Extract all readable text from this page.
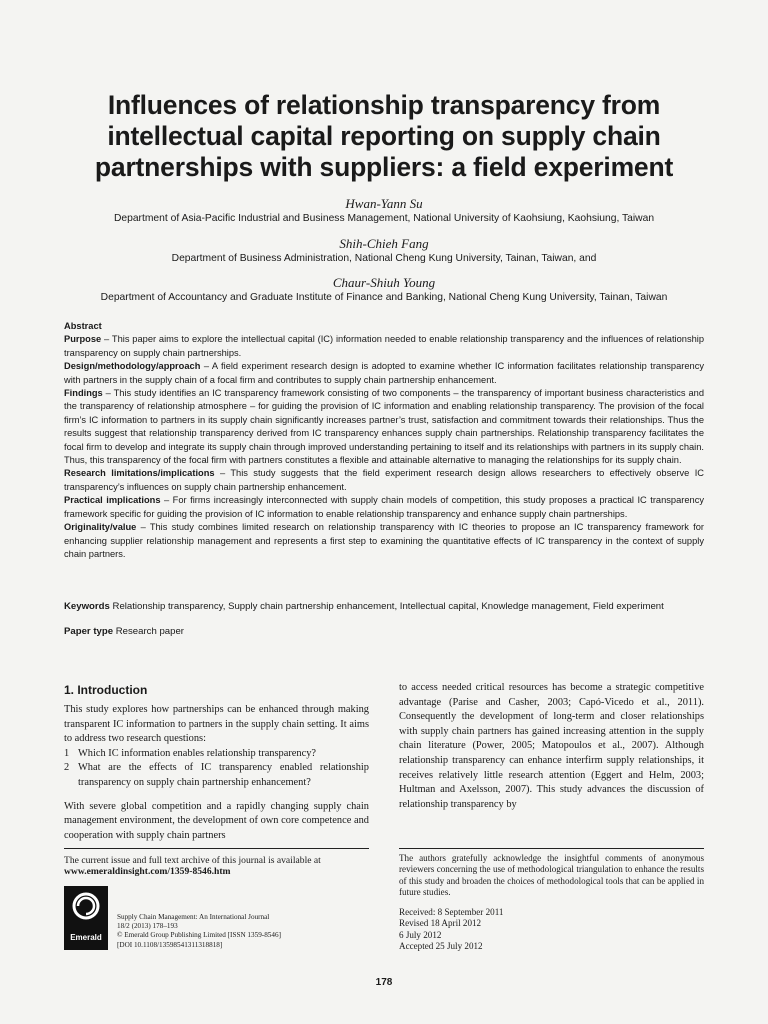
Influences of relationship transparency from intellectual capital reporting on supply chain partnerships with suppliers: a field experiment
Hwan-Yann Su
Department of Asia-Pacific Industrial and Business Management, National University of Kaohsiung, Kaohsiung, Taiwan
Shih-Chieh Fang
Department of Business Administration, National Cheng Kung University, Tainan, Taiwan, and
Chaur-Shiuh Young
Department of Accountancy and Graduate Institute of Finance and Banking, National Cheng Kung University, Tainan, Taiwan

Abstract

Purpose – This paper aims to explore the intellectual capital (IC) information needed to enable relationship transparency and the influences of relationship transparency on supply chain partnerships.

Design/methodology/approach – A field experiment research design is adopted to examine whether IC information facilitates relationship transparency with partners in the supply chain of a focal firm and contributes to supply chain partnership enhancement.

Findings – This study identifies an IC transparency framework consisting of two components – the transparency of important business characteristics and the transparency of relationship atmosphere – for guiding the provision of IC information and enabling relationship transparency. The provision of the focal firm’s IC information to partners in its supply chain significantly increases partner’s trust, satisfaction and commitment towards their relationships. Thus the results suggest that relationship transparency derived from IC transparency enhances supply chain partnerships. Relationship transparency facilitates the focal firm to develop and integrate its supply chain through improved understanding pertaining to itself and its relationships with partners in its supply chain. Thus, this transparency of the focal firm with partners constitutes a flexible and attainable alternative to managing the relationships for its supply chain.

Research limitations/implications – This study suggests that the field experiment research design allows researchers to effectively observe IC transparency’s influences on supply chain partnership enhancement.

Practical implications – For firms increasingly interconnected with supply chain models of competition, this study proposes a practical IC transparency framework specific for guiding the provision of IC information to enable relationship transparency and enhance supply chain partnerships.

Originality/value – This study combines limited research on relationship transparency with IC theories to propose an IC transparency framework for enhancing supplier relationship management and represents a first step to examining the quantitative effects of IC transparency in the context of supply chain partners.

Keywords Relationship transparency, Supply chain partnership enhancement, Intellectual capital, Knowledge management, Field experiment
Paper type Research paper
1. Introduction

This study explores how partnerships can be enhanced through making transparent IC information to partners in the supply chain setting. It aims to address two research questions:

1 Which IC information enables relationship transparency?
2 What are the effects of IC transparency enabled relationship transparency on supply chain partnership enhancement?

With severe global competition and a rapidly changing supply chain management environment, the development of own core competence and cooperation with supply chain partners

to access needed critical resources has become a strategic competitive advantage (Parise and Casher, 2003; Capó-Vicedo et al., 2011). Consequently the development of long-term and closer relationships with supply chain partners has gained increasing attention in the supply chain literature (Power, 2005; Matopoulos et al., 2007). Although relationship transparency can enhance interfirm supply relationships, it receives relatively little research attention (Eggert and Helm, 2003; Hultman and Axelsson, 2007). This study advances the discussion of relationship transparency by

The current issue and full text archive of this journal is available at
www.emeraldinsight.com/1359-8546.htm
Emerald
Supply Chain Management: An International Journal
18/2 (2013) 178–193
© Emerald Group Publishing Limited [ISSN 1359-8546]
[DOI 10.1108/13598541311318818]
The authors gratefully acknowledge the insightful comments of anonymous reviewers concerning the use of methodological triangulation to enhance the results of this study and broaden the choices of methodological tools that can be applied in future studies.
Received: 8 September 2011
Revised 18 April 2012
6 July 2012
Accepted 25 July 2012
178
